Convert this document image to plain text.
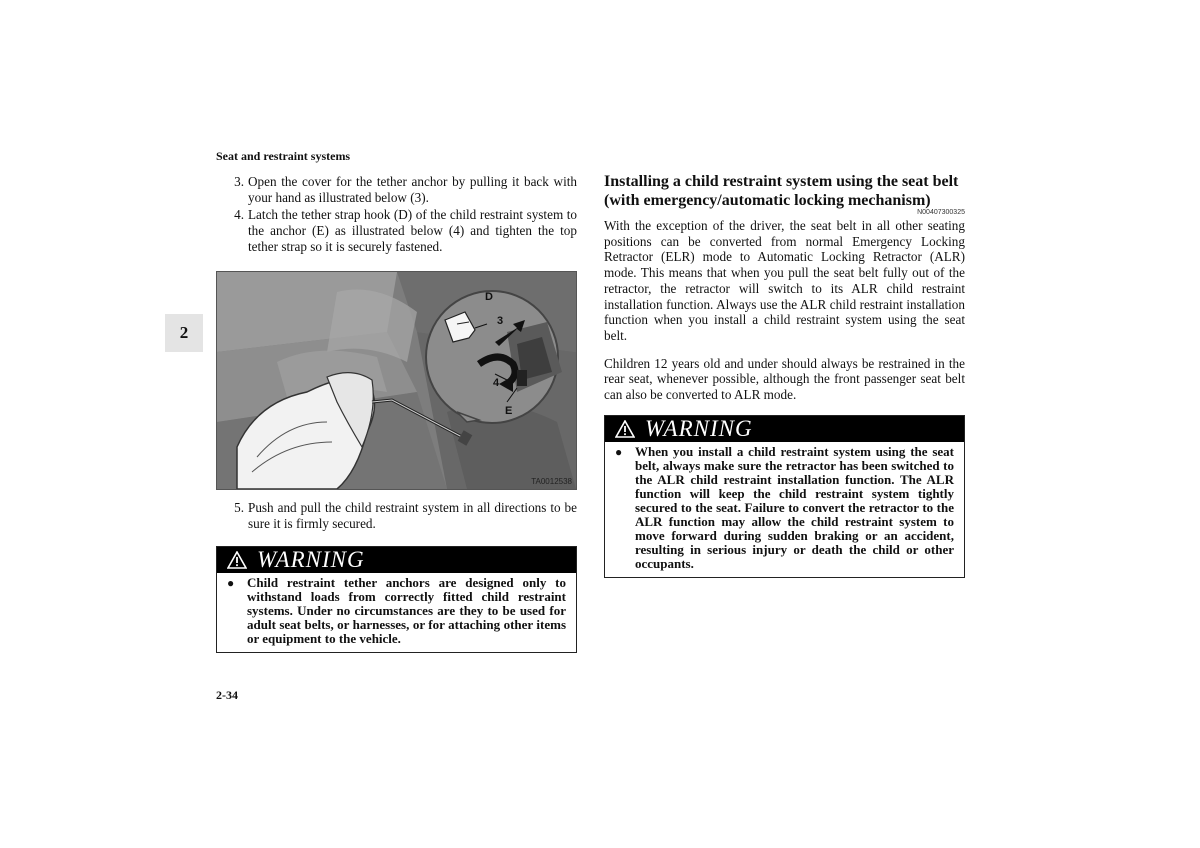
Seat and restraint systems
2
3. Open the cover for the tether anchor by pulling it back with your hand as illustrated below (3).
4. Latch the tether strap hook (D) of the child restraint system to the anchor (E) as illustrated below (4) and tighten the top tether strap so it is securely fastened.
D
3
4
E
TA0012538
5. Push and pull the child restraint system in all directions to be sure it is firmly secured.
WARNING
● Child restraint tether anchors are designed only to withstand loads from correctly fitted child restraint systems. Under no circumstances are they to be used for adult seat belts, or harnesses, or for attaching other items or equipment to the vehicle.
Installing a child restraint system using the seat belt (with emergency/automatic locking mechanism)
N00407300325

With the exception of the driver, the seat belt in all other seating positions can be converted from normal Emergency Locking Retractor (ELR) mode to Automatic Locking Retractor (ALR) mode. This means that when you pull the seat belt fully out of the retractor, the retractor will switch to its ALR child restraint installation function. Always use the ALR child restraint installation function when you install a child restraint system using the seat belt.

Children 12 years old and under should always be restrained in the rear seat, whenever possible, although the front passenger seat belt can also be converted to ALR mode.

WARNING
● When you install a child restraint system using the seat belt, always make sure the retractor has been switched to the ALR child restraint installation function. The ALR function will keep the child restraint system tightly secured to the seat. Failure to convert the retractor to the ALR function may allow the child restraint system to move forward during sudden braking or an accident, resulting in serious injury or death the child or other occupants.
2-34
